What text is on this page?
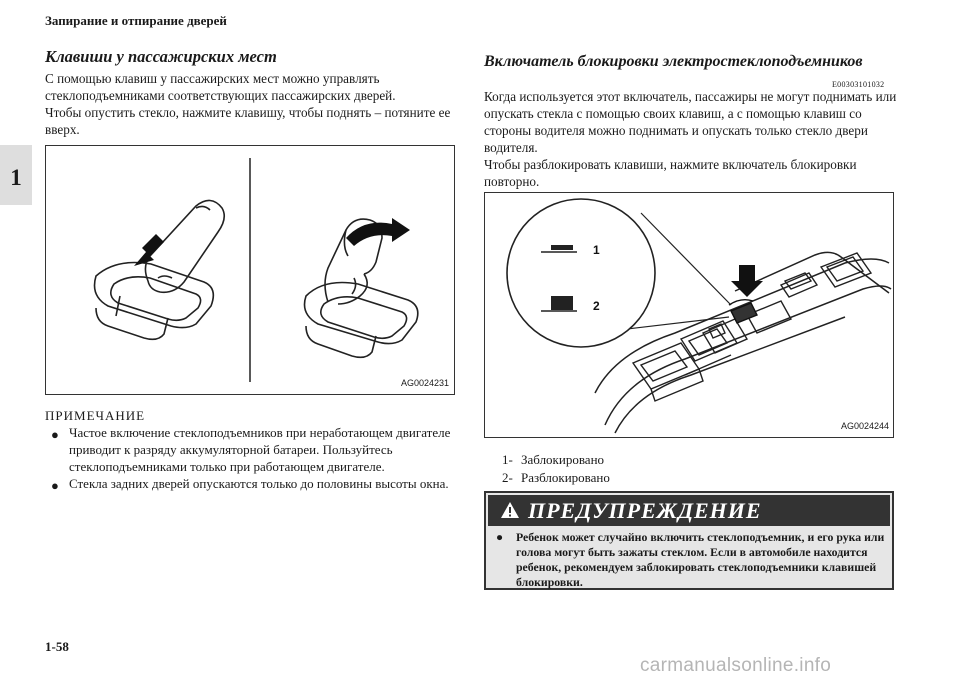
Запирание и отпирание дверей
1
Клавиши у пассажирских мест

С помощью клавиш у пассажирских мест можно управлять стеклоподъемниками соответствующих пассажирских дверей.

Чтобы опустить стекло, нажмите клавишу, чтобы поднять – потяните ее вверх.

AG0024231
ПРИМЕЧАНИЕ
● Частое включение стеклоподъемников при неработающем двигателе приводит к разряду аккумуляторной батареи. Пользуйтесь стеклоподъемниками только при работающем двигателе.
● Стекла задних дверей опускаются только до половины высоты окна.
Включатель блокировки электростеклоподъемников
E00303101032

Когда используется этот включатель, пассажиры не могут поднимать или опускать стекла с помощью своих клавиш, а с помощью клавиш со стороны водителя можно поднимать и опускать только стекло двери водителя.

Чтобы разблокировать клавиши, нажмите включатель блокировки повторно.

1
2
AG0024244
1- Заблокировано
2- Разблокировано
ПРЕДУПРЕЖДЕНИЕ
● Ребенок может случайно включить стеклоподъемник, и его рука или голова могут быть зажаты стеклом. Если в автомобиле находится ребенок, рекомендуем заблокировать стеклоподъемники клавишей блокировки.
1-58
carmanualsonline.info
